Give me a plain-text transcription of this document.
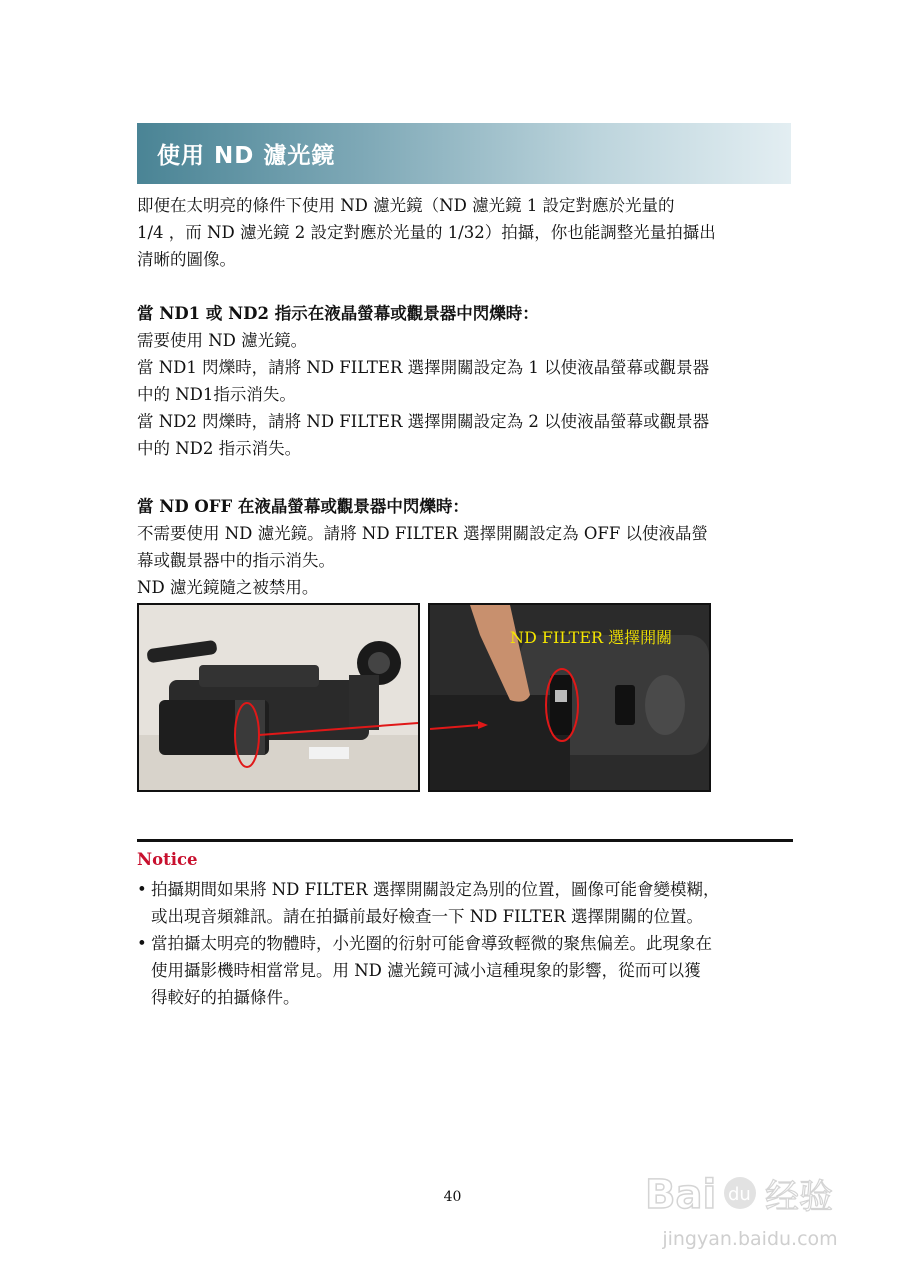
使用 ND 濾光鏡
即便在太明亮的條件下使用 ND 濾光鏡（ND 濾光鏡 1 設定對應於光量的
1/4 ，而 ND 濾光鏡 2 設定對應於光量的 1/32）拍攝，你也能調整光量拍攝出
清晰的圖像。
當 ND1 或 ND2 指示在液晶螢幕或觀景器中閃爍時：
需要使用 ND 濾光鏡。
當 ND1 閃爍時，請將 ND FILTER 選擇開關設定為 1 以使液晶螢幕或觀景器
中的 ND1指示消失。
當 ND2 閃爍時，請將 ND FILTER 選擇開關設定為 2 以使液晶螢幕或觀景器
中的 ND2 指示消失。
當 ND OFF 在液晶螢幕或觀景器中閃爍時：
不需要使用 ND 濾光鏡。請將 ND FILTER 選擇開關設定為 OFF 以使液晶螢
幕或觀景器中的指示消失。
ND 濾光鏡隨之被禁用。
ND FILTER 選擇開關
Notice
• 拍攝期間如果將 ND FILTER 選擇開關設定為別的位置，圖像可能會變模糊，
或出現音頻雜訊。請在拍攝前最好檢查一下 ND FILTER 選擇開關的位置。
• 當拍攝太明亮的物體時，小光圈的衍射可能會導致輕微的聚焦偏差。此現象在
使用攝影機時相當常見。用 ND 濾光鏡可減小這種現象的影響，從而可以獲
得較好的拍攝條件。
40	Bai du 经验
jingyan.baidu.com
